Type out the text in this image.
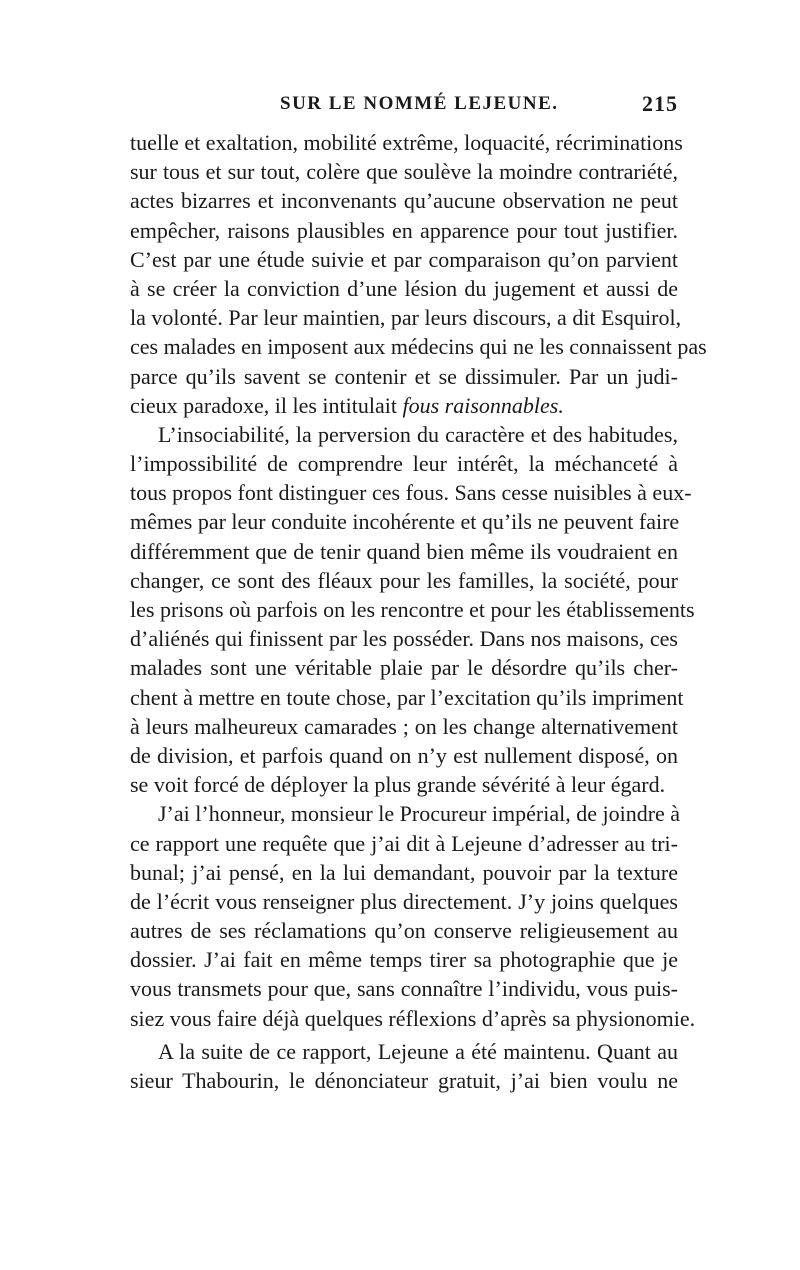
SUR LE NOMMÉ LEJEUNE.	215
tuelle et exaltation, mobilité extrême, loquacité, récriminations
sur tous et sur tout, colère que soulève la moindre contrariété,
actes bizarres et inconvenants qu’aucune observation ne peut
empêcher, raisons plausibles en apparence pour tout justifier.
C’est par une étude suivie et par comparaison qu’on parvient
à se créer la conviction d’une lésion du jugement et aussi de
la volonté. Par leur maintien, par leurs discours, a dit Esquirol,
ces malades en imposent aux médecins qui ne les connaissent pas
parce qu’ils savent se contenir et se dissimuler. Par un judi-
cieux paradoxe, il les intitulait fous raisonnables.
L’insociabilité, la perversion du caractère et des habitudes,
l’impossibilité de comprendre leur intérêt, la méchanceté à
tous propos font distinguer ces fous. Sans cesse nuisibles à eux-
mêmes par leur conduite incohérente et qu’ils ne peuvent faire
différemment que de tenir quand bien même ils voudraient en
changer, ce sont des fléaux pour les familles, la société, pour
les prisons où parfois on les rencontre et pour les établissements
d’aliénés qui finissent par les posséder. Dans nos maisons, ces
malades sont une véritable plaie par le désordre qu’ils cher-
chent à mettre en toute chose, par l’excitation qu’ils impriment
à leurs malheureux camarades ; on les change alternativement
de division, et parfois quand on n’y est nullement disposé, on
se voit forcé de déployer la plus grande sévérité à leur égard.
J’ai l’honneur, monsieur le Procureur impérial, de joindre à
ce rapport une requête que j’ai dit à Lejeune d’adresser au tri-
bunal; j’ai pensé, en la lui demandant, pouvoir par la texture
de l’écrit vous renseigner plus directement. J’y joins quelques
autres de ses réclamations qu’on conserve religieusement au
dossier. J’ai fait en même temps tirer sa photographie que je
vous transmets pour que, sans connaître l’individu, vous puis-
siez vous faire déjà quelques réflexions d’après sa physionomie.
A la suite de ce rapport, Lejeune a été maintenu. Quant au
sieur Thabourin, le dénonciateur gratuit, j’ai bien voulu ne
